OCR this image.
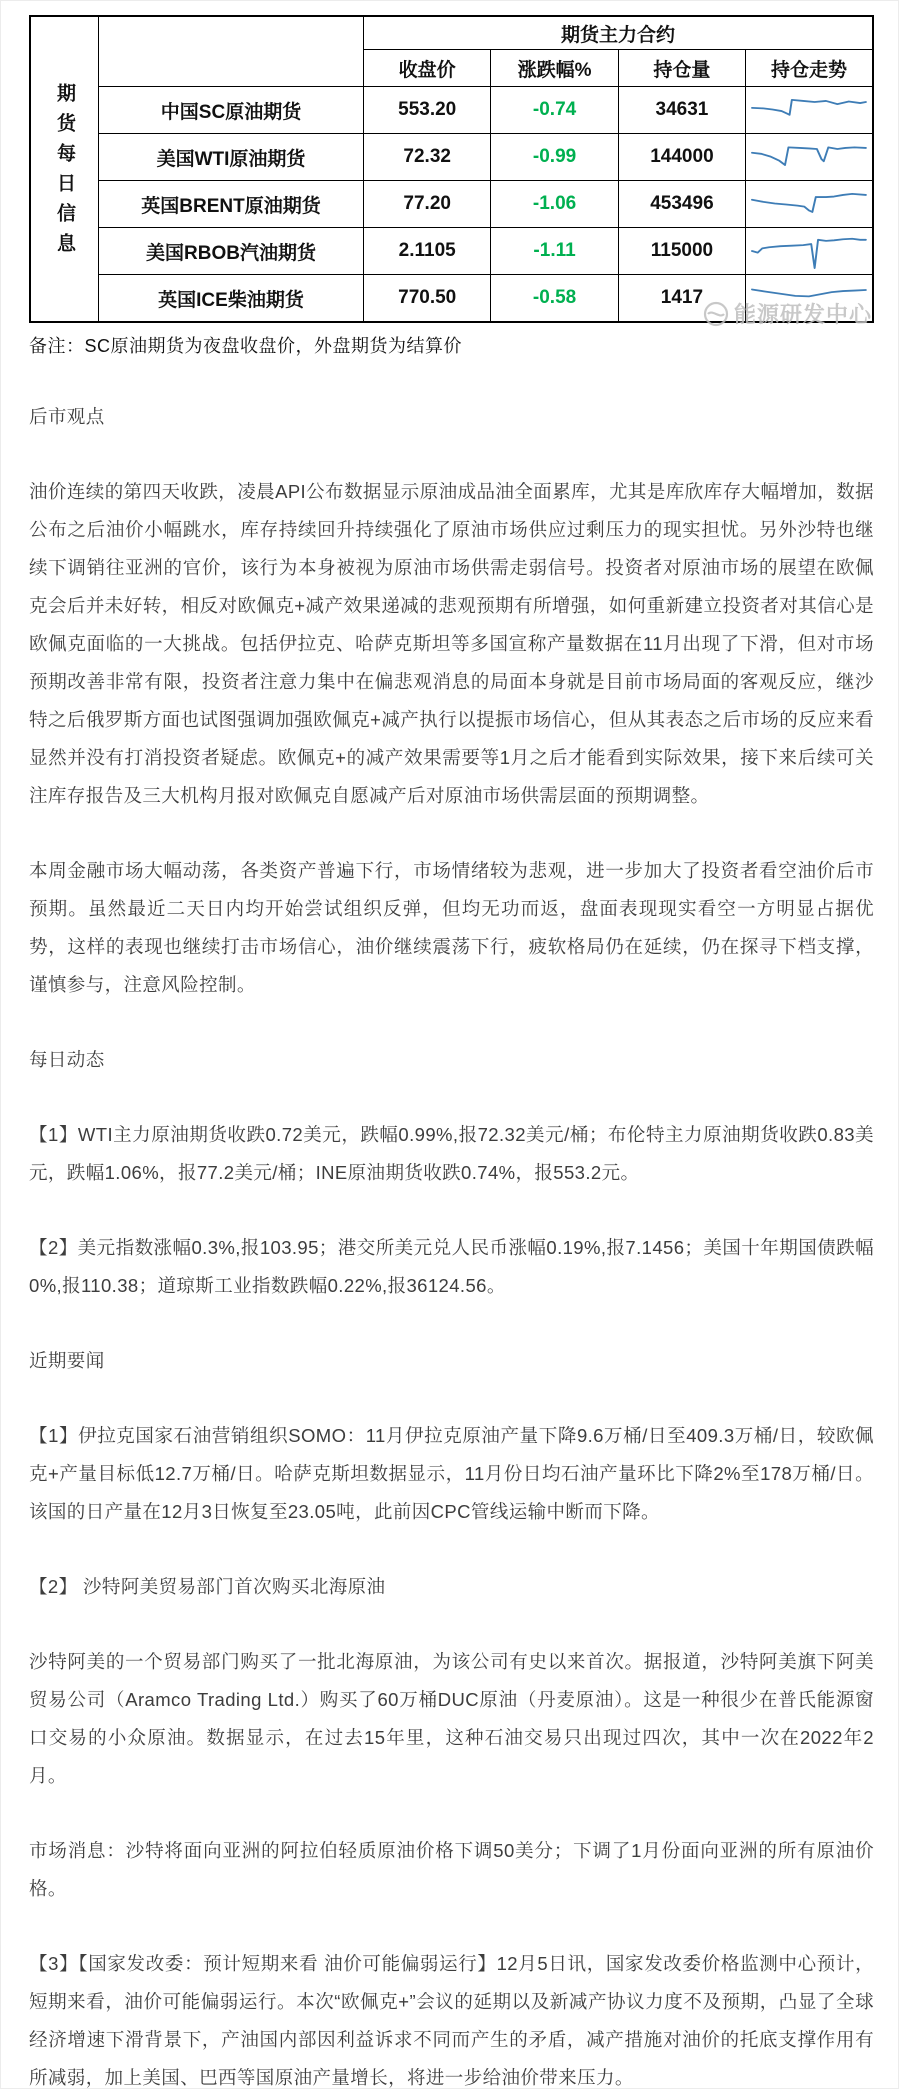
期货每日信息		期货主力合约			
		收盘价	涨跌幅%	持仓量	持仓走势
	中国SC原油期货	553.20	-0.74	34631	

	美国WTI原油期货	72.32	-0.99	144000	

	英国BRENT原油期货	77.20	-1.06	453496	

	美国RBOB汽油期货	2.1105	-1.11	115000	

	英国ICE柴油期货	770.50	-0.58	1417	
能源研发中心

备注：SC原油期货为夜盘收盘价，外盘期货为结算价

后市观点

油价连续的第四天收跌，凌晨API公布数据显示原油成品油全面累库，尤其是库欣库存大幅增加，数据公布之后油价小幅跳水，库存持续回升持续强化了原油市场供应过剩压力的现实担忧。另外沙特也继续下调销往亚洲的官价，该行为本身被视为原油市场供需走弱信号。投资者对原油市场的展望在欧佩克会后并未好转，相反对欧佩克+减产效果递减的悲观预期有所增强，如何重新建立投资者对其信心是欧佩克面临的一大挑战。包括伊拉克、哈萨克斯坦等多国宣称产量数据在11月出现了下滑，但对市场预期改善非常有限，投资者注意力集中在偏悲观消息的局面本身就是目前市场局面的客观反应，继沙特之后俄罗斯方面也试图强调加强欧佩克+减产执行以提振市场信心，但从其表态之后市场的反应来看显然并没有打消投资者疑虑。欧佩克+的减产效果需要等1月之后才能看到实际效果，接下来后续可关注库存报告及三大机构月报对欧佩克自愿减产后对原油市场供需层面的预期调整。

本周金融市场大幅动荡，各类资产普遍下行，市场情绪较为悲观，进一步加大了投资者看空油价后市预期。虽然最近二天日内均开始尝试组织反弹，但均无功而返，盘面表现现实看空一方明显占据优势，这样的表现也继续打击市场信心，油价继续震荡下行，疲软格局仍在延续，仍在探寻下档支撑，谨慎参与，注意风险控制。

每日动态

【1】WTI主力原油期货收跌0.72美元，跌幅0.99%,报72.32美元/桶；布伦特主力原油期货收跌0.83美元，跌幅1.06%，报77.2美元/桶；INE原油期货收跌0.74%，报553.2元。

【2】美元指数涨幅0.3%,报103.95；港交所美元兑人民币涨幅0.19%,报7.1456；美国十年期国债跌幅0%,报110.38；道琼斯工业指数跌幅0.22%,报36124.56。

近期要闻

【1】伊拉克国家石油营销组织SOMO：11月伊拉克原油产量下降9.6万桶/日至409.3万桶/日，较欧佩克+产量目标低12.7万桶/日。哈萨克斯坦数据显示，11月份日均石油产量环比下降2%至178万桶/日。该国的日产量在12月3日恢复至23.05吨，此前因CPC管线运输中断而下降。

【2】 沙特阿美贸易部门首次购买北海原油

沙特阿美的一个贸易部门购买了一批北海原油，为该公司有史以来首次。据报道，沙特阿美旗下阿美贸易公司（Aramco Trading Ltd.）购买了60万桶DUC原油（丹麦原油）。这是一种很少在普氏能源窗口交易的小众原油。数据显示，在过去15年里，这种石油交易只出现过四次，其中一次在2022年2月。

市场消息：沙特将面向亚洲的阿拉伯轻质原油价格下调50美分；下调了1月份面向亚洲的所有原油价格。

【3】【国家发改委：预计短期来看 油价可能偏弱运行】12月5日讯，国家发改委价格监测中心预计，短期来看，油价可能偏弱运行。本次“欧佩克+”会议的延期以及新减产协议力度不及预期，凸显了全球经济增速下滑背景下，产油国内部因利益诉求不同而产生的矛盾，减产措施对油价的托底支撑作用有所减弱，加上美国、巴西等国原油产量增长，将进一步给油价带来压力。
